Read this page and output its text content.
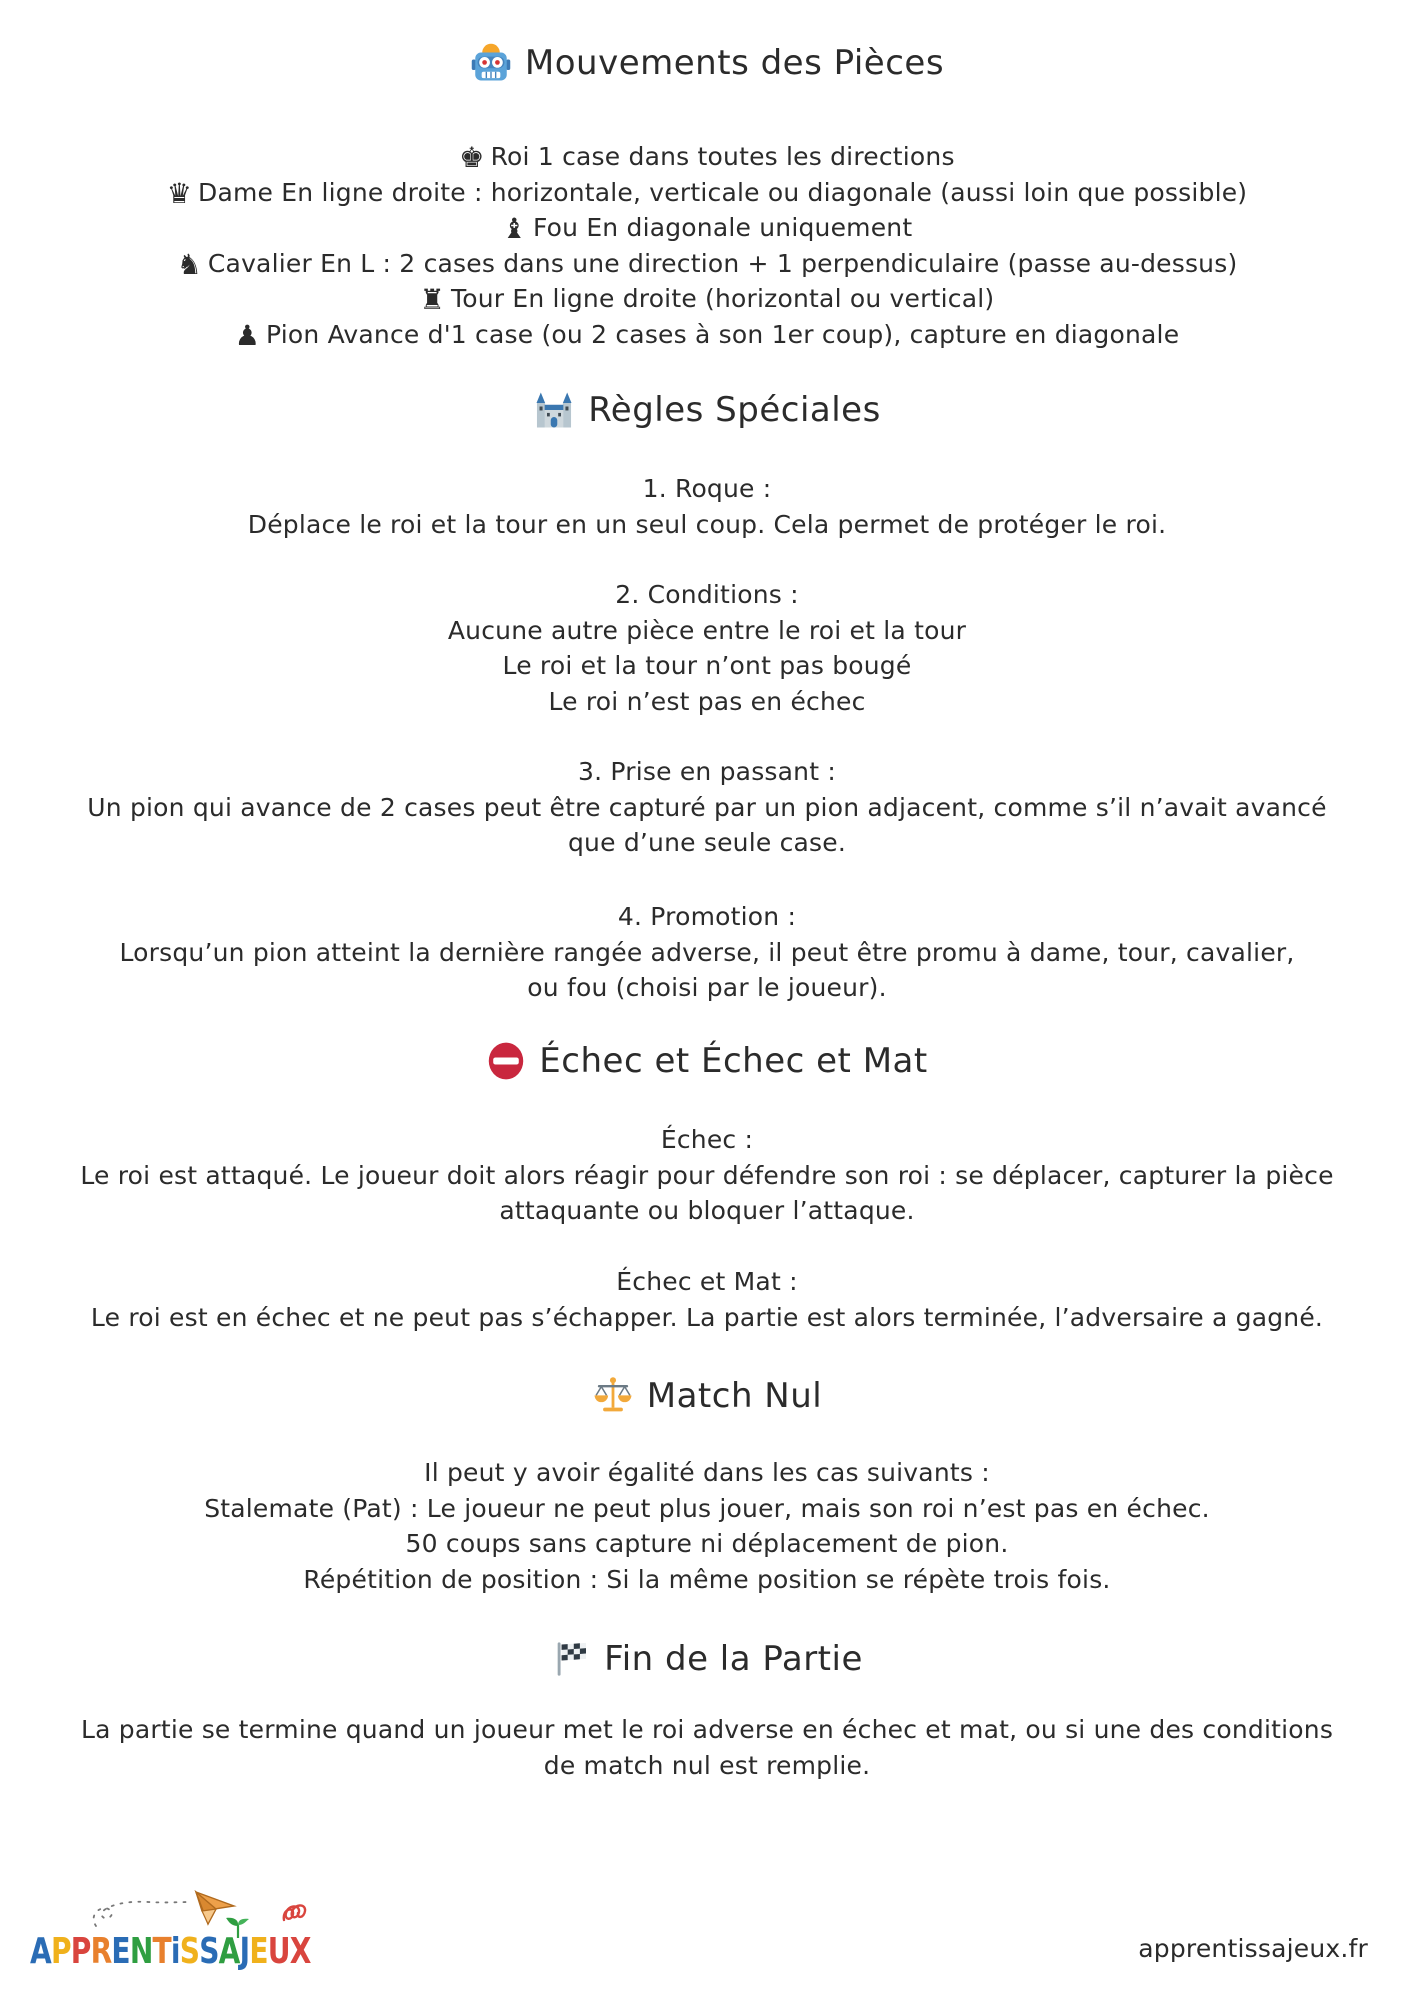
Mouvements des Pièces

♚ Roi 1 case dans toutes les directions

♛ Dame En ligne droite : horizontale, verticale ou diagonale (aussi loin que possible)

♝ Fou En diagonale uniquement

♞ Cavalier En L : 2 cases dans une direction + 1 perpendiculaire (passe au-dessus)

♜ Tour En ligne droite (horizontal ou vertical)

♟ Pion Avance d'1 case (ou 2 cases à son 1er coup), capture en diagonale

Règles Spéciales

1. Roque :

Déplace le roi et la tour en un seul coup. Cela permet de protéger le roi.

2. Conditions :

Aucune autre pièce entre le roi et la tour

Le roi et la tour n’ont pas bougé

Le roi n’est pas en échec

3. Prise en passant :

Un pion qui avance de 2 cases peut être capturé par un pion adjacent, comme s’il n’avait avancé

que d’une seule case.

4. Promotion :

Lorsqu’un pion atteint la dernière rangée adverse, il peut être promu à dame, tour, cavalier,

ou fou (choisi par le joueur).

Échec et Échec et Mat

Échec :

Le roi est attaqué. Le joueur doit alors réagir pour défendre son roi : se déplacer, capturer la pièce

attaquante ou bloquer l’attaque.

Échec et Mat :

Le roi est en échec et ne peut pas s’échapper. La partie est alors terminée, l’adversaire a gagné.

Match Nul

Il peut y avoir égalité dans les cas suivants :

Stalemate (Pat) : Le joueur ne peut plus jouer, mais son roi n’est pas en échec.

50 coups sans capture ni déplacement de pion.

Répétition de position : Si la même position se répète trois fois.

Fin de la Partie

La partie se termine quand un joueur met le roi adverse en échec et mat, ou si une des conditions

de match nul est remplie.

APPRENTiSSAJEUX	apprentissajeux.fr
